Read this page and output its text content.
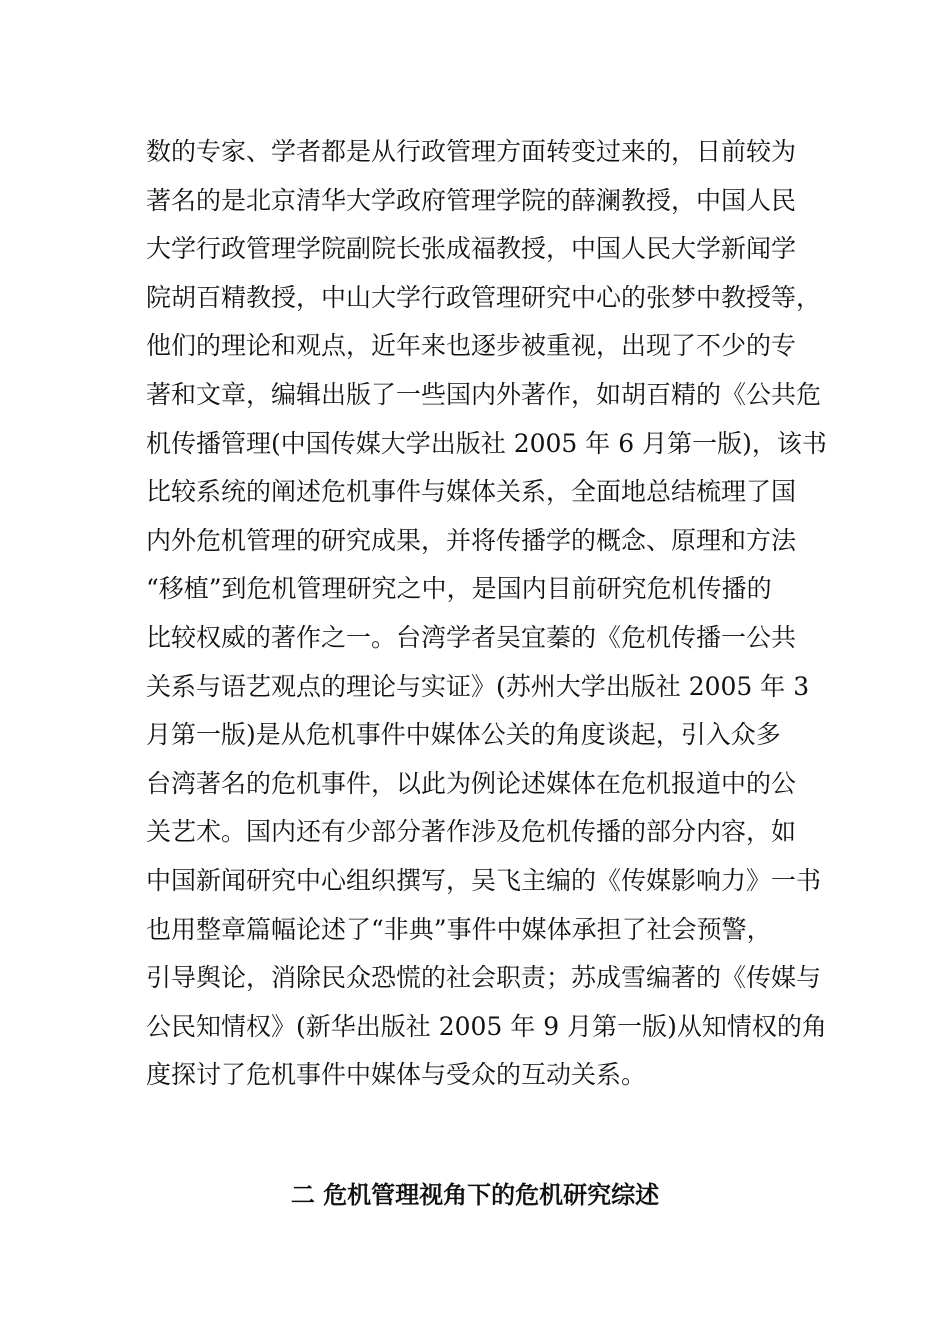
数的专家、学者都是从行政管理方面转变过来的，日前较为
著名的是北京清华大学政府管理学院的薛澜教授，中国人民
大学行政管理学院副院长张成福教授，中国人民大学新闻学
院胡百精教授，中山大学行政管理研究中心的张梦中教授等，
他们的理论和观点，近年来也逐步被重视，出现了不少的专
著和文章，编辑出版了一些国内外著作，如胡百精的《公共危
机传播管理(中国传媒大学出版社 2005 年 6 月第一版)，该书
比较系统的阐述危机事件与媒体关系，全面地总结梳理了国
内外危机管理的研究成果，并将传播学的概念、原理和方法
“移植”到危机管理研究之中，是国内目前研究危机传播的
比较权威的著作之一。台湾学者吴宜蓁的《危机传播一公共
关系与语艺观点的理论与实证》(苏州大学出版社 2005 年 3
月第一版)是从危机事件中媒体公关的角度谈起，引入众多
台湾著名的危机事件，以此为例论述媒体在危机报道中的公
关艺术。国内还有少部分著作涉及危机传播的部分内容，如
中国新闻研究中心组织撰写，吴飞主编的《传媒影响力》一书
也用整章篇幅论述了“非典”事件中媒体承担了社会预警，
引导舆论，消除民众恐慌的社会职责；苏成雪编著的《传媒与
公民知情权》(新华出版社 2005 年 9 月第一版)从知情权的角
度探讨了危机事件中媒体与受众的互动关系。
二 危机管理视角下的危机研究综述
